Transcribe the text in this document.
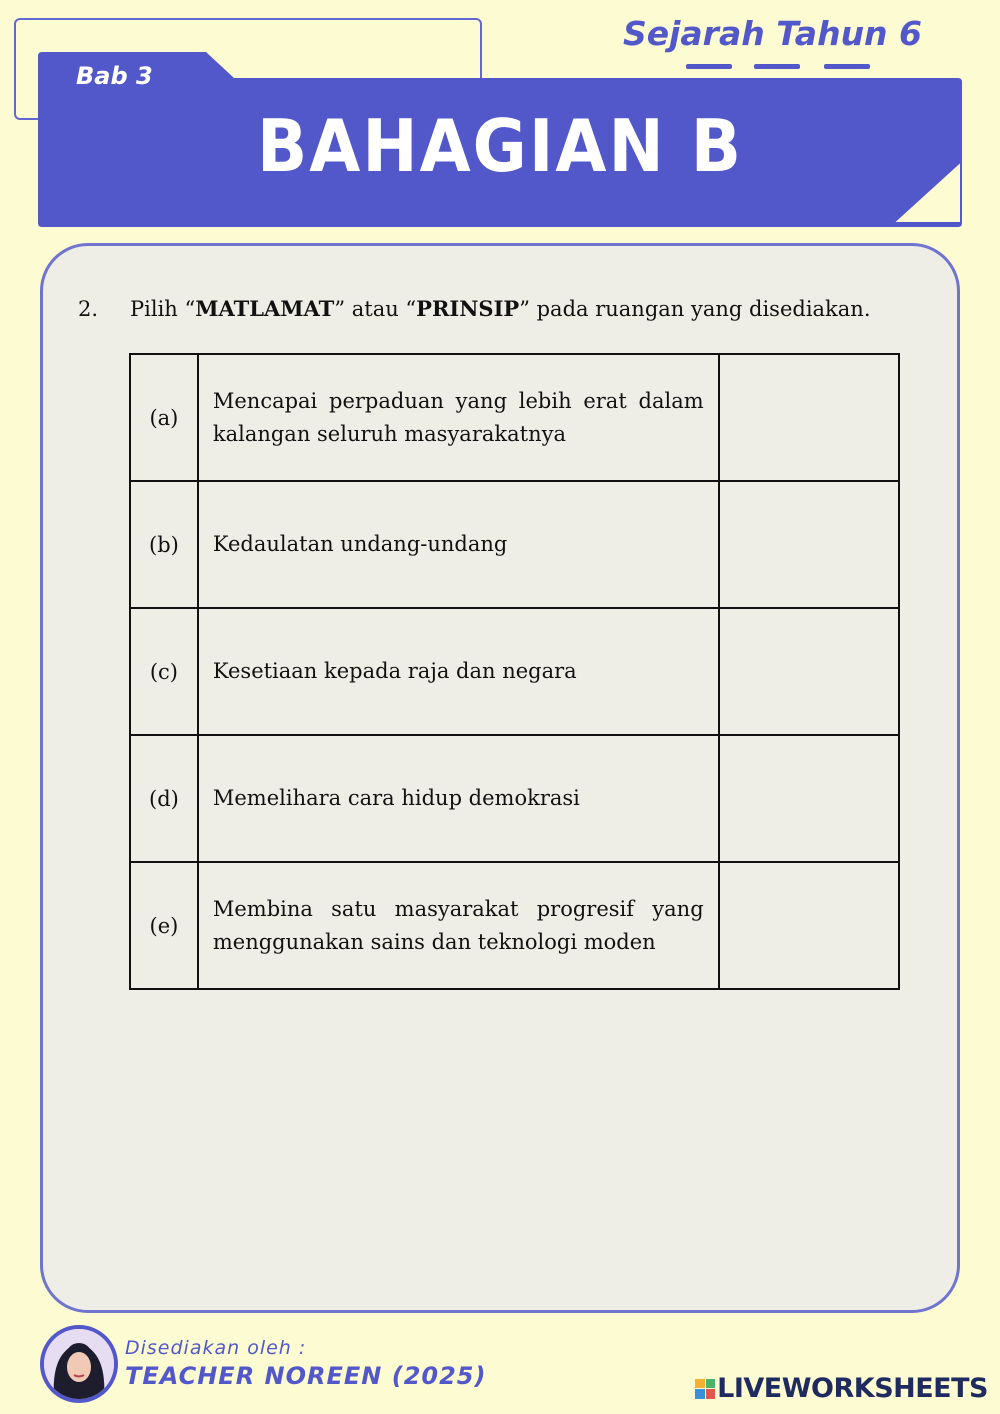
Sejarah Tahun 6
Bab 3
BAHAGIAN B
2. Pilih “MATLAMAT” atau “PRINSIP” pada ruangan yang disediakan.
(a)	Mencapai perpaduan yang lebih erat dalam kalangan seluruh masyarakatnya	
(b)	Kedaulatan undang-undang	
(c)	Kesetiaan kepada raja dan negara	
(d)	Memelihara cara hidup demokrasi	
(e)	Membina satu masyarakat progresif yang menggunakan sains dan teknologi moden	
Disediakan oleh :
TEACHER NOREEN (2025)	LIVEWORKSHEETS
